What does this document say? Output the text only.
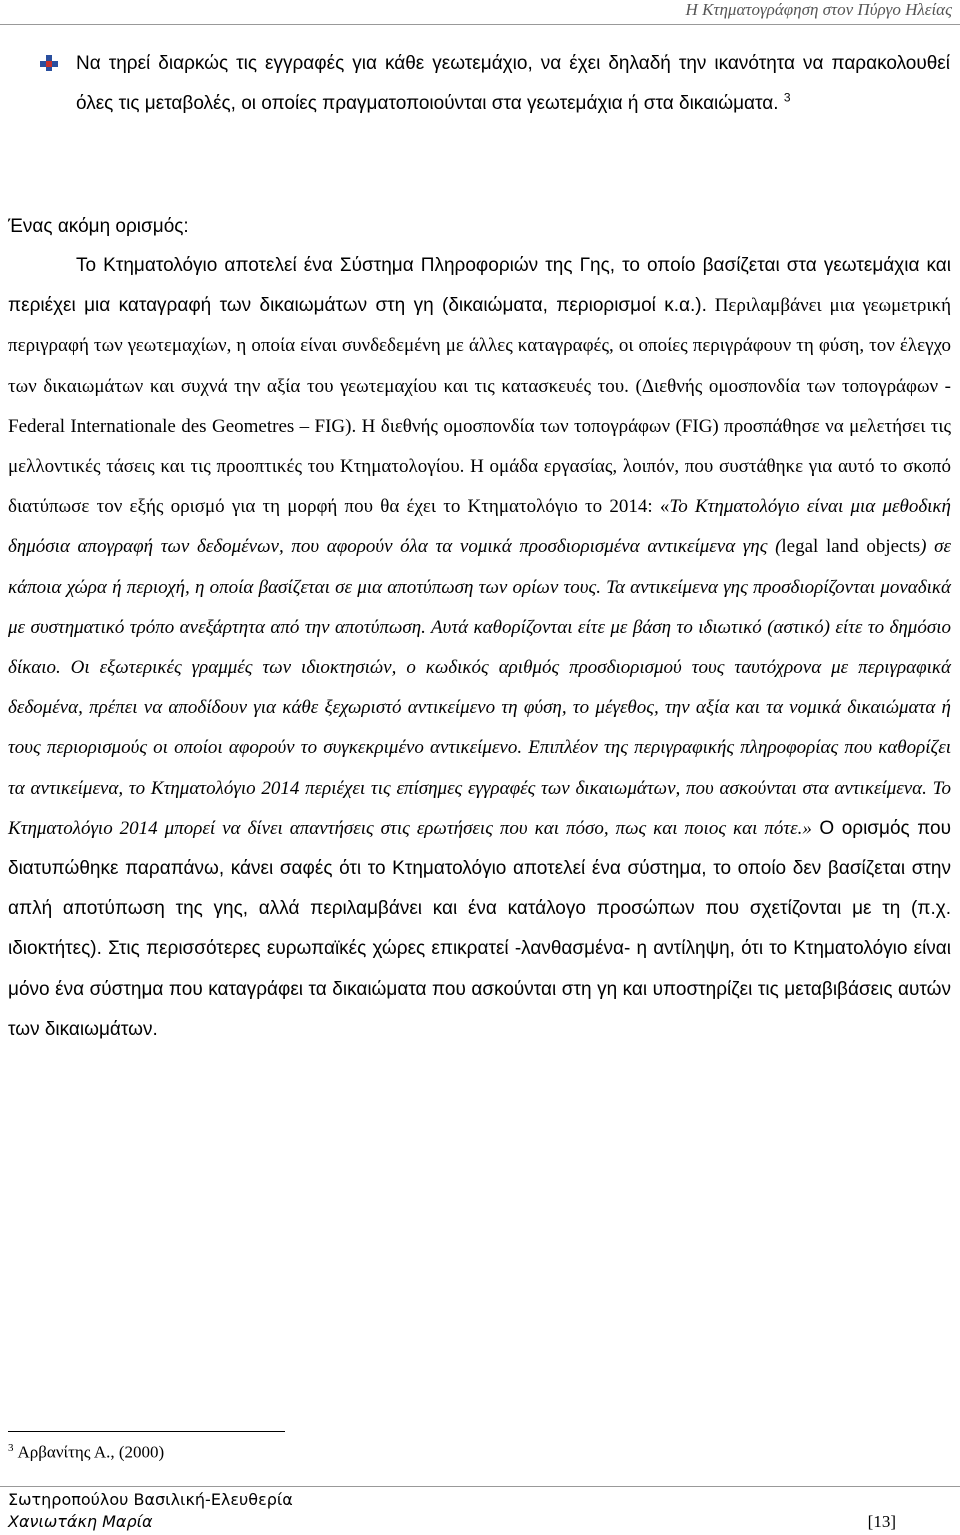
Η Κτηματογράφηση στον Πύργο Ηλείας
Να τηρεί διαρκώς τις εγγραφές για κάθε γεωτεμάχιο, να έχει δηλαδή την ικανότητα να παρακολουθεί όλες τις μεταβολές, οι οποίες πραγματοποιούνται στα γεωτεμάχια ή στα δικαιώματα. $^3$
Ένας ακόμη ορισμός:

Το Κτηματολόγιο αποτελεί ένα Σύστημα Πληροφοριών της Γης, το οποίο βασίζεται στα γεωτεμάχια και περιέχει μια καταγραφή των δικαιωμάτων στη γη (δικαιώματα, περιορισμοί κ.α.). Περιλαμβάνει μια γεωμετρική περιγραφή των γεωτεμαχίων, η οποία είναι συνδεδεμένη με άλλες καταγραφές, οι οποίες περιγράφουν τη φύση, τον έλεγχο των δικαιωμάτων και συχνά την αξία του γεωτεμαχίου και τις κατασκευές του. (Διεθνής ομοσπονδία των τοπογράφων - Federal Internationale des Geometres – FIG). Η διεθνής ομοσπονδία των τοπογράφων (FIG) προσπάθησε να μελετήσει τις μελλοντικές τάσεις και τις προοπτικές του Κτηματολογίου. Η ομάδα εργασίας, λοιπόν, που συστάθηκε για αυτό το σκοπό διατύπωσε τον εξής ορισμό για τη μορφή που θα έχει το Κτηματολόγιο το 2014: «Το Κτηματολόγιο είναι μια μεθοδική δημόσια απογραφή των δεδομένων, που αφορούν όλα τα νομικά προσδιορισμένα αντικείμενα γης (legal land objects) σε κάποια χώρα ή περιοχή, η οποία βασίζεται σε μια αποτύπωση των ορίων τους. Τα αντικείμενα γης προσδιορίζονται μοναδικά με συστηματικό τρόπο ανεξάρτητα από την αποτύπωση. Αυτά καθορίζονται είτε με βάση το ιδιωτικό (αστικό) είτε το δημόσιο δίκαιο. Οι εξωτερικές γραμμές των ιδιοκτησιών, ο κωδικός αριθμός προσδιορισμού τους ταυτόχρονα με περιγραφικά δεδομένα, πρέπει να αποδίδουν για κάθε ξεχωριστό αντικείμενο τη φύση, το μέγεθος, την αξία και τα νομικά δικαιώματα ή τους περιορισμούς οι οποίοι αφορούν το συγκεκριμένο αντικείμενο. Επιπλέον της περιγραφικής πληροφορίας που καθορίζει τα αντικείμενα, το Κτηματολόγιο 2014 περιέχει τις επίσημες εγγραφές των δικαιωμάτων, που ασκούνται στα αντικείμενα. Το Κτηματολόγιο 2014 μπορεί να δίνει απαντήσεις στις ερωτήσεις που και πόσο, πως και ποιος και πότε.» Ο ορισμός που διατυπώθηκε παραπάνω, κάνει σαφές ότι το Κτηματολόγιο αποτελεί ένα σύστημα, το οποίο δεν βασίζεται στην απλή αποτύπωση της γης, αλλά περιλαμβάνει και ένα κατάλογο προσώπων που σχετίζονται με τη (π.χ. ιδιοκτήτες). Στις περισσότερες ευρωπαϊκές χώρες επικρατεί -λανθασμένα- η αντίληψη, ότι το Κτηματολόγιο είναι μόνο ένα σύστημα που καταγράφει τα δικαιώματα που ασκούνται στη γη και υποστηρίζει τις μεταβιβάσεις αυτών των δικαιωμάτων.

$^3$ Αρβανίτης Α., (2000)
Σωτηροπούλου Βασιλική-Ελευθερία
Χανιωτάκη Μαρία	[13]
